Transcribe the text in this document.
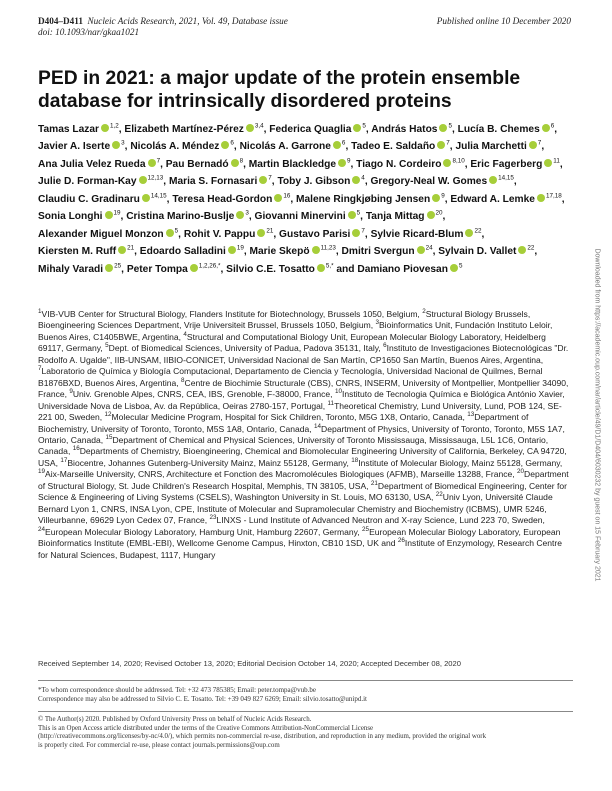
D404–D411 Nucleic Acids Research, 2021, Vol. 49, Database issue
doi: 10.1093/nar/gkaa1021
Published online 10 December 2020
PED in 2021: a major update of the protein ensemble database for intrinsically disordered proteins

Tamas Lazar $^{1,2}$, Elizabeth Martínez-Pérez $^{3,4}$, Federica Quaglia $^5$, András Hatos $^5$, Lucía B. Chemes $^6$, Javier A. Iserte $^3$, Nicolás A. Méndez $^6$, Nicolás A. Garrone $^6$, Tadeo E. Saldaño $^7$, Julia Marchetti $^7$, Ana Julia Velez Rueda $^7$, Pau Bernadó $^8$, Martin Blackledge $^9$, Tiago N. Cordeiro $^{8,10}$, Eric Fagerberg $^{11}$, Julie D. Forman-Kay $^{12,13}$, Maria S. Fornasari $^7$, Toby J. Gibson $^4$, Gregory-Neal W. Gomes $^{14,15}$, Claudiu C. Gradinaru $^{14,15}$, Teresa Head-Gordon $^{16}$, Malene Ringkjøbing Jensen $^9$, Edward A. Lemke $^{17,18}$, Sonia Longhi $^{19}$, Cristina Marino-Buslje $^3$, Giovanni Minervini $^5$, Tanja Mittag $^{20}$, Alexander Miguel Monzon $^5$, Rohit V. Pappu $^{21}$, Gustavo Parisi $^7$, Sylvie Ricard-Blum $^{22}$, Kiersten M. Ruff $^{21}$, Edoardo Salladini $^{19}$, Marie Skepö $^{11,23}$, Dmitri Svergun $^{24}$, Sylvain D. Vallet $^{22}$, Mihaly Varadi $^{25}$, Peter Tompa $^{1,2,26,*}$, Silvio C.E. Tosatto $^{5,*}$ and Damiano Piovesan $^5$

$^1$VIB-VUB Center for Structural Biology, Flanders Institute for Biotechnology, Brussels 1050, Belgium, $^2$Structural Biology Brussels, Bioengineering Sciences Department, Vrije Universiteit Brussel, Brussels 1050, Belgium, $^3$Bioinformatics Unit, Fundación Instituto Leloir, Buenos Aires, C1405BWE, Argentina, $^4$Structural and Computational Biology Unit, European Molecular Biology Laboratory, Heidelberg 69117, Germany, $^5$Dept. of Biomedical Sciences, University of Padua, Padova 35131, Italy, $^6$Instituto de Investigaciones Biotecnológicas "Dr. Rodolfo A. Ugalde", IIB-UNSAM, IIBIO-CONICET, Universidad Nacional de San Martín, CP1650 San Martín, Buenos Aires, Argentina, $^7$Laboratorio de Química y Biología Computacional, Departamento de Ciencia y Tecnología, Universidad Nacional de Quilmes, Bernal B1876BXD, Buenos Aires, Argentina, $^8$Centre de Biochimie Structurale (CBS), CNRS, INSERM, University of Montpellier, Montpellier 34090, France, $^9$Univ. Grenoble Alpes, CNRS, CEA, IBS, Grenoble, F-38000, France, $^{10}$Instituto de Tecnologia Química e Biológica António Xavier, Universidade Nova de Lisboa, Av. da República, Oeiras 2780-157, Portugal, $^{11}$Theoretical Chemistry, Lund University, Lund, POB 124, SE-221 00, Sweden, $^{12}$Molecular Medicine Program, Hospital for Sick Children, Toronto, M5G 1X8, Ontario, Canada, $^{13}$Department of Biochemistry, University of Toronto, Toronto, M5S 1A8, Ontario, Canada, $^{14}$Department of Physics, University of Toronto, Toronto, M5S 1A7, Ontario, Canada, $^{15}$Department of Chemical and Physical Sciences, University of Toronto Mississauga, Mississauga, L5L 1C6, Ontario, Canada, $^{16}$Departments of Chemistry, Bioengineering, Chemical and Biomolecular Engineering University of California, Berkeley, CA 94720, USA, $^{17}$Biocentre, Johannes Gutenberg-University Mainz, Mainz 55128, Germany, $^{18}$Institute of Molecular Biology, Mainz 55128, Germany, $^{19}$Aix-Marseille University, CNRS, Architecture et Fonction des Macromolécules Biologiques (AFMB), Marseille 13288, France, $^{20}$Department of Structural Biology, St. Jude Children's Research Hospital, Memphis, TN 38105, USA, $^{21}$Department of Biomedical Engineering, Center for Science & Engineering of Living Systems (CSELS), Washington University in St. Louis, MO 63130, USA, $^{22}$Univ Lyon, Université Claude Bernard Lyon 1, CNRS, INSA Lyon, CPE, Institute of Molecular and Supramolecular Chemistry and Biochemistry (ICBMS), UMR 5246, Villeurbanne, 69629 Lyon Cedex 07, France, $^{23}$LINXS - Lund Institute of Advanced Neutron and X-ray Science, Lund 223 70, Sweden, $^{24}$European Molecular Biology Laboratory, Hamburg Unit, Hamburg 22607, Germany, $^{25}$European Molecular Biology Laboratory, European Bioinformatics Institute (EMBL-EBI), Wellcome Genome Campus, Hinxton, CB10 1SD, UK and $^{26}$Institute of Enzymology, Research Centre for Natural Sciences, Budapest, 1117, Hungary

Received September 14, 2020; Revised October 13, 2020; Editorial Decision October 14, 2020; Accepted December 08, 2020

*To whom correspondence should be addressed. Tel: +32 473 785385; Email: peter.tompa@vub.be
Correspondence may also be addressed to Silvio C. E. Tosatto. Tel: +39 049 827 6269; Email: silvio.tosatto@unipd.it
© The Author(s) 2020. Published by Oxford University Press on behalf of Nucleic Acids Research.
This is an Open Access article distributed under the terms of the Creative Commons Attribution-NonCommercial License
(http://creativecommons.org/licenses/by-nc/4.0/), which permits non-commercial re-use, distribution, and reproduction in any medium, provided the original work
is properly cited. For commercial re-use, please contact journals.permissions@oup.com
Downloaded from https://academic.oup.com/nar/article/49/D1/D404/6030232 by guest on 15 February 2021
